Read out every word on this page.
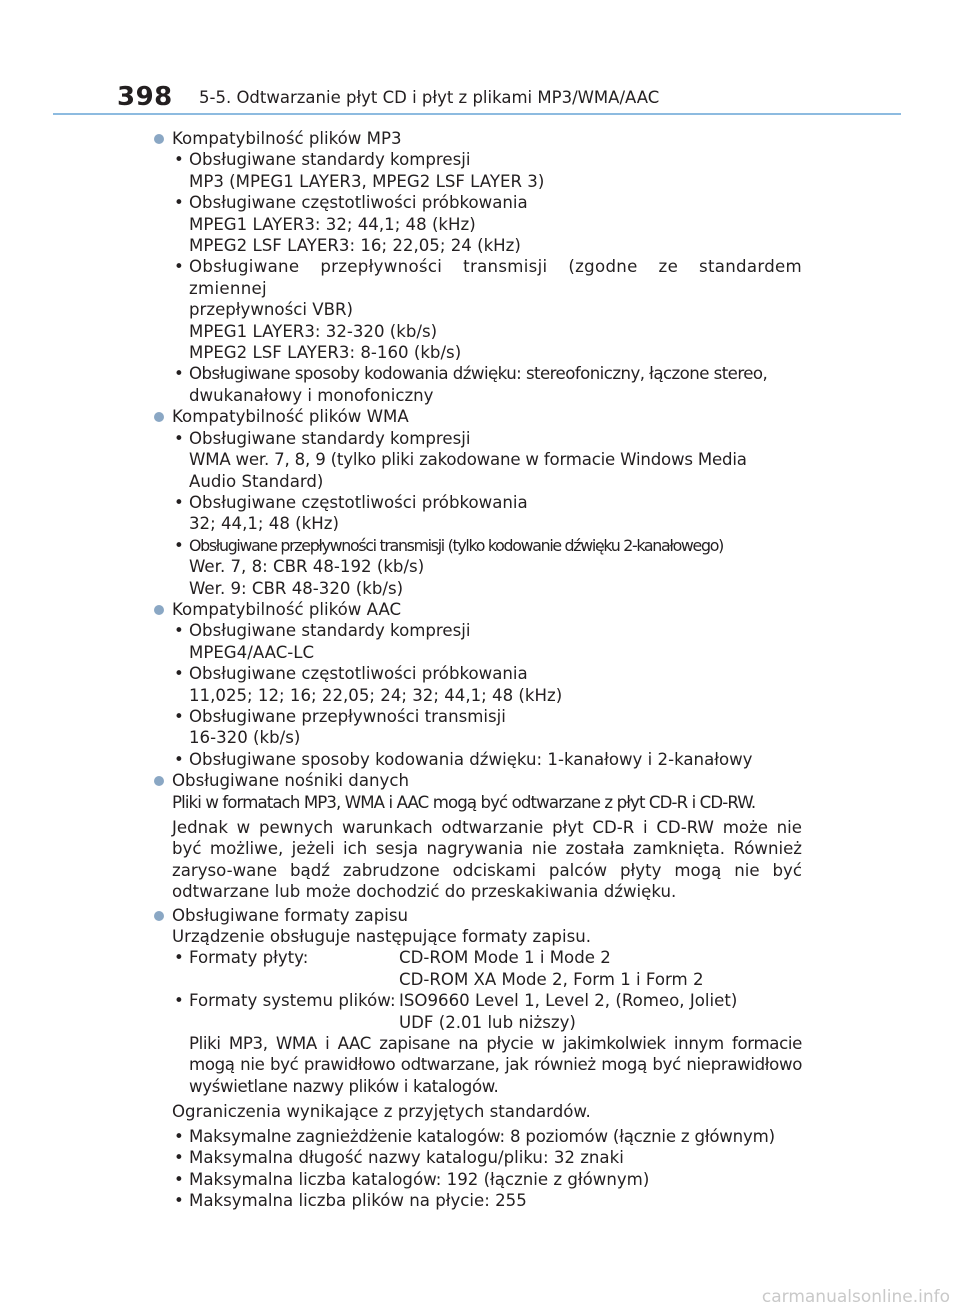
398 5-5. Odtwarzanie płyt CD i płyt z plikami MP3/WMA/AAC
Kompatybilność plików MP3
• Obsługiwane standardy kompresji
MP3 (MPEG1 LAYER3, MPEG2 LSF LAYER 3)
• Obsługiwane częstotliwości próbkowania
MPEG1 LAYER3: 32; 44,1; 48 (kHz)
MPEG2 LSF LAYER3: 16; 22,05; 24 (kHz)
• Obsługiwane przepływności transmisji (zgodne ze standardem zmiennej
przepływności VBR)
MPEG1 LAYER3: 32-320 (kb/s)
MPEG2 LSF LAYER3: 8-160 (kb/s)
• Obsługiwane sposoby kodowania dźwięku: stereofoniczny, łączone stereo,
dwukanałowy i monofoniczny
Kompatybilność plików WMA
• Obsługiwane standardy kompresji
WMA wer. 7, 8, 9 (tylko pliki zakodowane w formacie Windows Media
Audio Standard)
• Obsługiwane częstotliwości próbkowania
32; 44,1; 48 (kHz)
• Obsługiwane przepływności transmisji (tylko kodowanie dźwięku 2-kanałowego)
Wer. 7, 8: CBR 48-192 (kb/s)
Wer. 9: CBR 48-320 (kb/s)
Kompatybilność plików AAC
• Obsługiwane standardy kompresji
MPEG4/AAC-LC
• Obsługiwane częstotliwości próbkowania
11,025; 12; 16; 22,05; 24; 32; 44,1; 48 (kHz)
• Obsługiwane przepływności transmisji
16-320 (kb/s)
• Obsługiwane sposoby kodowania dźwięku: 1-kanałowy i 2-kanałowy
Obsługiwane nośniki danych
Pliki w formatach MP3, WMA i AAC mogą być odtwarzane z płyt CD-R i CD-RW.
Jednak w pewnych warunkach odtwarzanie płyt CD-R i CD-RW może nie być możliwe, jeżeli ich sesja nagrywania nie została zamknięta. Również zaryso-wane bądź zabrudzone odciskami palców płyty mogą nie być odtwarzane lub może dochodzić do przeskakiwania dźwięku.
Obsługiwane formaty zapisu
Urządzenie obsługuje następujące formaty zapisu.
• Formaty płyty:	CD-ROM Mode 1 i Mode 2
CD-ROM XA Mode 2, Form 1 i Form 2
• Formaty systemu plików: ISO9660 Level 1, Level 2, (Romeo, Joliet)
UDF (2.01 lub niższy)
Pliki MP3, WMA i AAC zapisane na płycie w jakimkolwiek innym formacie mogą nie być prawidłowo odtwarzane, jak również mogą być nieprawidłowo wyświetlane nazwy plików i katalogów.
Ograniczenia wynikające z przyjętych standardów.
• Maksymalne zagnieżdżenie katalogów: 8 poziomów (łącznie z głównym)
• Maksymalna długość nazwy katalogu/pliku: 32 znaki
• Maksymalna liczba katalogów: 192 (łącznie z głównym)
• Maksymalna liczba plików na płycie: 255
carmanualsonline.info
